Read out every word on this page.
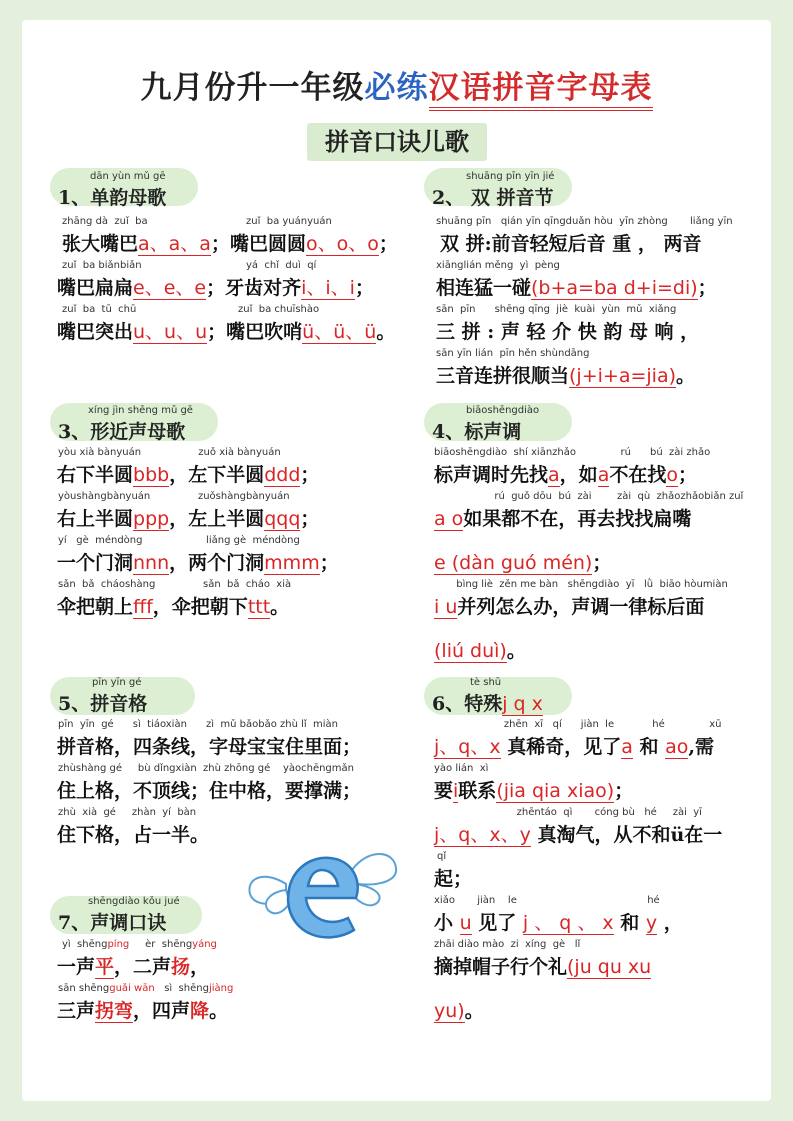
九月份升一年级必练汉语拼音字母表
拼音口诀儿歌
dān yùn mǔ gē
1、单韵母歌
zhāng dà  zuǐ  ba	zuǐ  ba yuányuán
张大嘴巴a、a、a；嘴巴圆圆o、o、o；
zuǐ  ba biǎnbiǎn	yá  chǐ  duì  qí
嘴巴扁扁e、e、e；牙齿对齐i、i、i；
zuǐ  ba  tū  chū	zuǐ  ba chuīshào
嘴巴突出u、u、u；嘴巴吹哨ü、ü、ü。
shuāng pīn yīn jié
2、 双 拼音节
shuāng pīn   qián yīn qīngduǎn hòu  yīn zhòng       liǎng yīn
双 拼:前音轻短后音 重 ， 两音
xiānglián měng  yì  pèng
相连猛一碰(b+a=ba d+i=di)；
sān  pīn      shēng qīng  jiè  kuài  yùn  mǔ  xiǎng
三 拼 : 声 轻 介 快 韵 母 响 ，
sān yīn lián  pīn hěn shùndāng
三音连拼很顺当(j+i+a=jia)。
xíng jìn shēng mǔ gē
3、形近声母歌
yòu xià bànyuán                  zuǒ xià bànyuán
右下半圆bbb，左下半圆ddd；
yòushàngbànyuán               zuǒshàngbànyuán
右上半圆ppp，左上半圆qqq；
yí   gè  méndòng                    liǎng gè  méndòng
一个门洞nnn，两个门洞mmm；
sǎn  bǎ  cháoshàng               sǎn  bǎ  cháo  xià
伞把朝上fff，伞把朝下ttt。
biāoshēngdiào
4、标声调
biāoshēngdiào  shí xiānzhǎo              rú      bú  zài zhǎo
标声调时先找a，如a不在找o；
rú  guǒ dōu  bú  zài        zài  qù  zhǎozhǎobiǎn zuǐ
a o如果都不在，再去找找扁嘴
e (dàn guó mén)；
bìng liè  zěn me bàn   shēngdiào  yī   lǜ  biāo hòumiàn
i u并列怎么办，声调一律标后面
(liú duì)。
pīn yīn gé
5、拼音格
pīn  yīn  gé      sì  tiáoxiàn      zì  mǔ bǎobǎo zhù lǐ  miàn
拼音格，四条线，字母宝宝住里面；
zhùshàng gé     bù dǐngxiàn  zhù zhōng gé    yàochēngmǎn
住上格，不顶线；住中格，要撑满；
zhù  xià  gé     zhàn  yí  bàn
住下格，占一半。
tè shū
6、特殊j q x
zhēn  xī   qí      jiàn  le            hé              xū
j、q、x 真稀奇，见了a 和 ao,需
yào lián  xì
要i联系(jia qia xiao)；
zhēntáo  qì       cóng bù   hé     zài  yī
j、q、x、y 真淘气，从不和ü在一
qǐ
起；
xiǎo       jiàn    le                                         hé
小 u 见了 j 、 q 、 x 和 y ，
zhāi diào mào  zi  xíng  gè   lǐ
摘掉帽子行个礼(ju qu xu
yu)。
shēngdiào kǒu jué
7、声调口诀
yì  shēngpíng     èr  shēngyáng
一声平，二声扬，
sān shēngguǎi wān   sì  shēngjiàng
三声拐弯，四声降。
